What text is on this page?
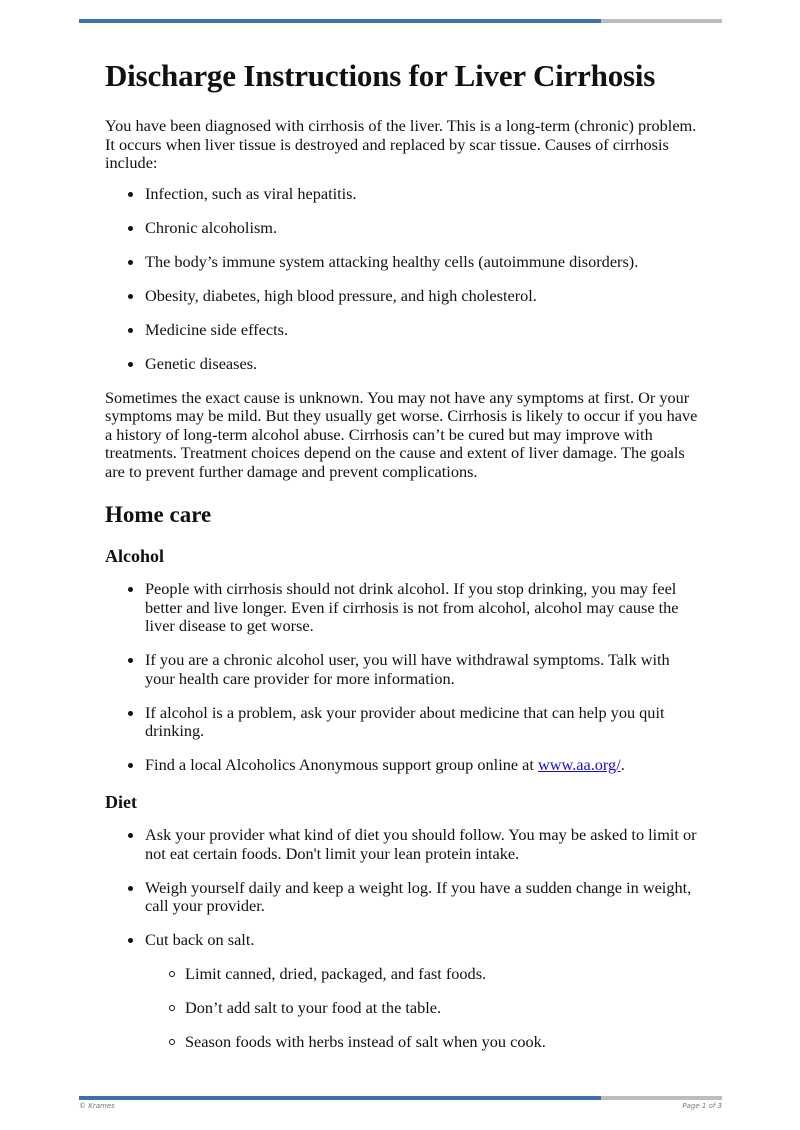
Discharge Instructions for Liver Cirrhosis

You have been diagnosed with cirrhosis of the liver. This is a long-term (chronic) problem. It occurs when liver tissue is destroyed and replaced by scar tissue. Causes of cirrhosis include:

Infection, such as viral hepatitis.
Chronic alcoholism.
The body’s immune system attacking healthy cells (autoimmune disorders).
Obesity, diabetes, high blood pressure, and high cholesterol.
Medicine side effects.
Genetic diseases.

Sometimes the exact cause is unknown. You may not have any symptoms at first. Or your symptoms may be mild. But they usually get worse. Cirrhosis is likely to occur if you have a history of long-term alcohol abuse. Cirrhosis can’t be cured but may improve with treatments. Treatment choices depend on the cause and extent of liver damage. The goals are to prevent further damage and prevent complications.

Home care
Alcohol
People with cirrhosis should not drink alcohol. If you stop drinking, you may feel better and live longer. Even if cirrhosis is not from alcohol, alcohol may cause the liver disease to get worse.
If you are a chronic alcohol user, you will have withdrawal symptoms. Talk with your health care provider for more information.
If alcohol is a problem, ask your provider about medicine that can help you quit drinking.
Find a local Alcoholics Anonymous support group online at www.aa.org/.
Diet
Ask your provider what kind of diet you should follow. You may be asked to limit or not eat certain foods. Don't limit your lean protein intake.
Weigh yourself daily and keep a weight log. If you have a sudden change in weight, call your provider.
Cut back on salt.
Limit canned, dried, packaged, and fast foods.
Don’t add salt to your food at the table.
Season foods with herbs instead of salt when you cook.
© Krames	Page 1 of 3
